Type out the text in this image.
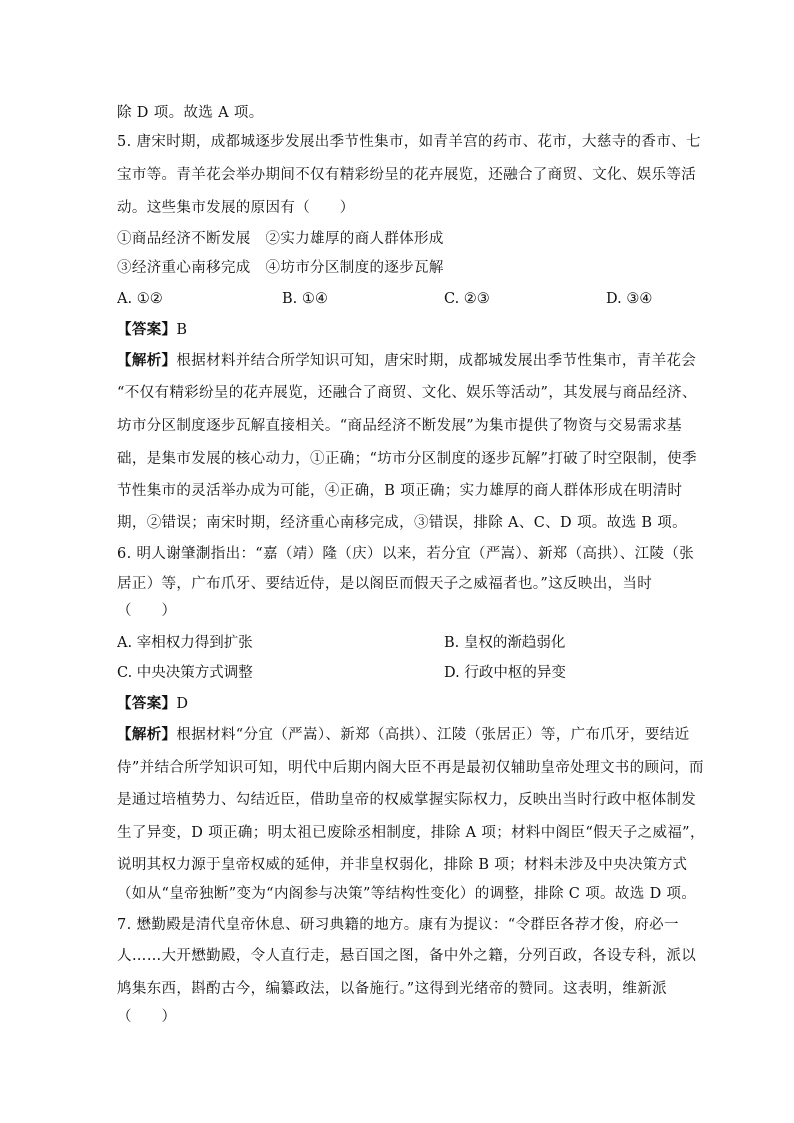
除 D 项。故选 A 项。
5. 唐宋时期，成都城逐步发展出季节性集市，如青羊宫的药市、花市，大慈寺的香市、七
宝市等。青羊花会举办期间不仅有精彩纷呈的花卉展览，还融合了商贸、文化、娱乐等活
动。这些集市发展的原因有（　　）
①商品经济不断发展　②实力雄厚的商人群体形成
③经济重心南移完成　④坊市分区制度的逐步瓦解
A. ①②	B. ①④	C. ②③	D. ③④
【答案】B
【解析】根据材料并结合所学知识可知，唐宋时期，成都城发展出季节性集市，青羊花会
“不仅有精彩纷呈的花卉展览，还融合了商贸、文化、娱乐等活动”，其发展与商品经济、
坊市分区制度逐步瓦解直接相关。“商品经济不断发展”为集市提供了物资与交易需求基
础，是集市发展的核心动力，①正确；“坊市分区制度的逐步瓦解”打破了时空限制，使季
节性集市的灵活举办成为可能，④正确，B 项正确；实力雄厚的商人群体形成在明清时
期，②错误；南宋时期，经济重心南移完成，③错误，排除 A、C、D 项。故选 B 项。
6. 明人谢肇淛指出：“嘉（靖）隆（庆）以来，若分宜（严嵩）、新郑（高拱）、江陵（张
居正）等，广布爪牙、要结近侍，是以阁臣而假天子之威福者也。”这反映出，当时
（　　）
A. 宰相权力得到扩张	B. 皇权的渐趋弱化
C. 中央决策方式调整	D. 行政中枢的异变
【答案】D
【解析】根据材料“分宜（严嵩）、新郑（高拱）、江陵（张居正）等，广布爪牙，要结近
侍”并结合所学知识可知，明代中后期内阁大臣不再是最初仅辅助皇帝处理文书的顾问，而
是通过培植势力、勾结近臣，借助皇帝的权威掌握实际权力，反映出当时行政中枢体制发
生了异变，D 项正确；明太祖已废除丞相制度，排除 A 项；材料中阁臣“假天子之威福”，
说明其权力源于皇帝权威的延伸，并非皇权弱化，排除 B 项；材料未涉及中央决策方式
（如从“皇帝独断”变为“内阁参与决策”等结构性变化）的调整，排除 C 项。故选 D 项。
7. 懋勤殿是清代皇帝休息、研习典籍的地方。康有为提议：“令群臣各荐才俊，府必一
人……大开懋勤殿，令人直行走，悬百国之图，备中外之籍，分列百政，各设专科，派以
鸠集东西，斟酌古今，编纂政法，以备施行。”这得到光绪帝的赞同。这表明，维新派
（　　）
